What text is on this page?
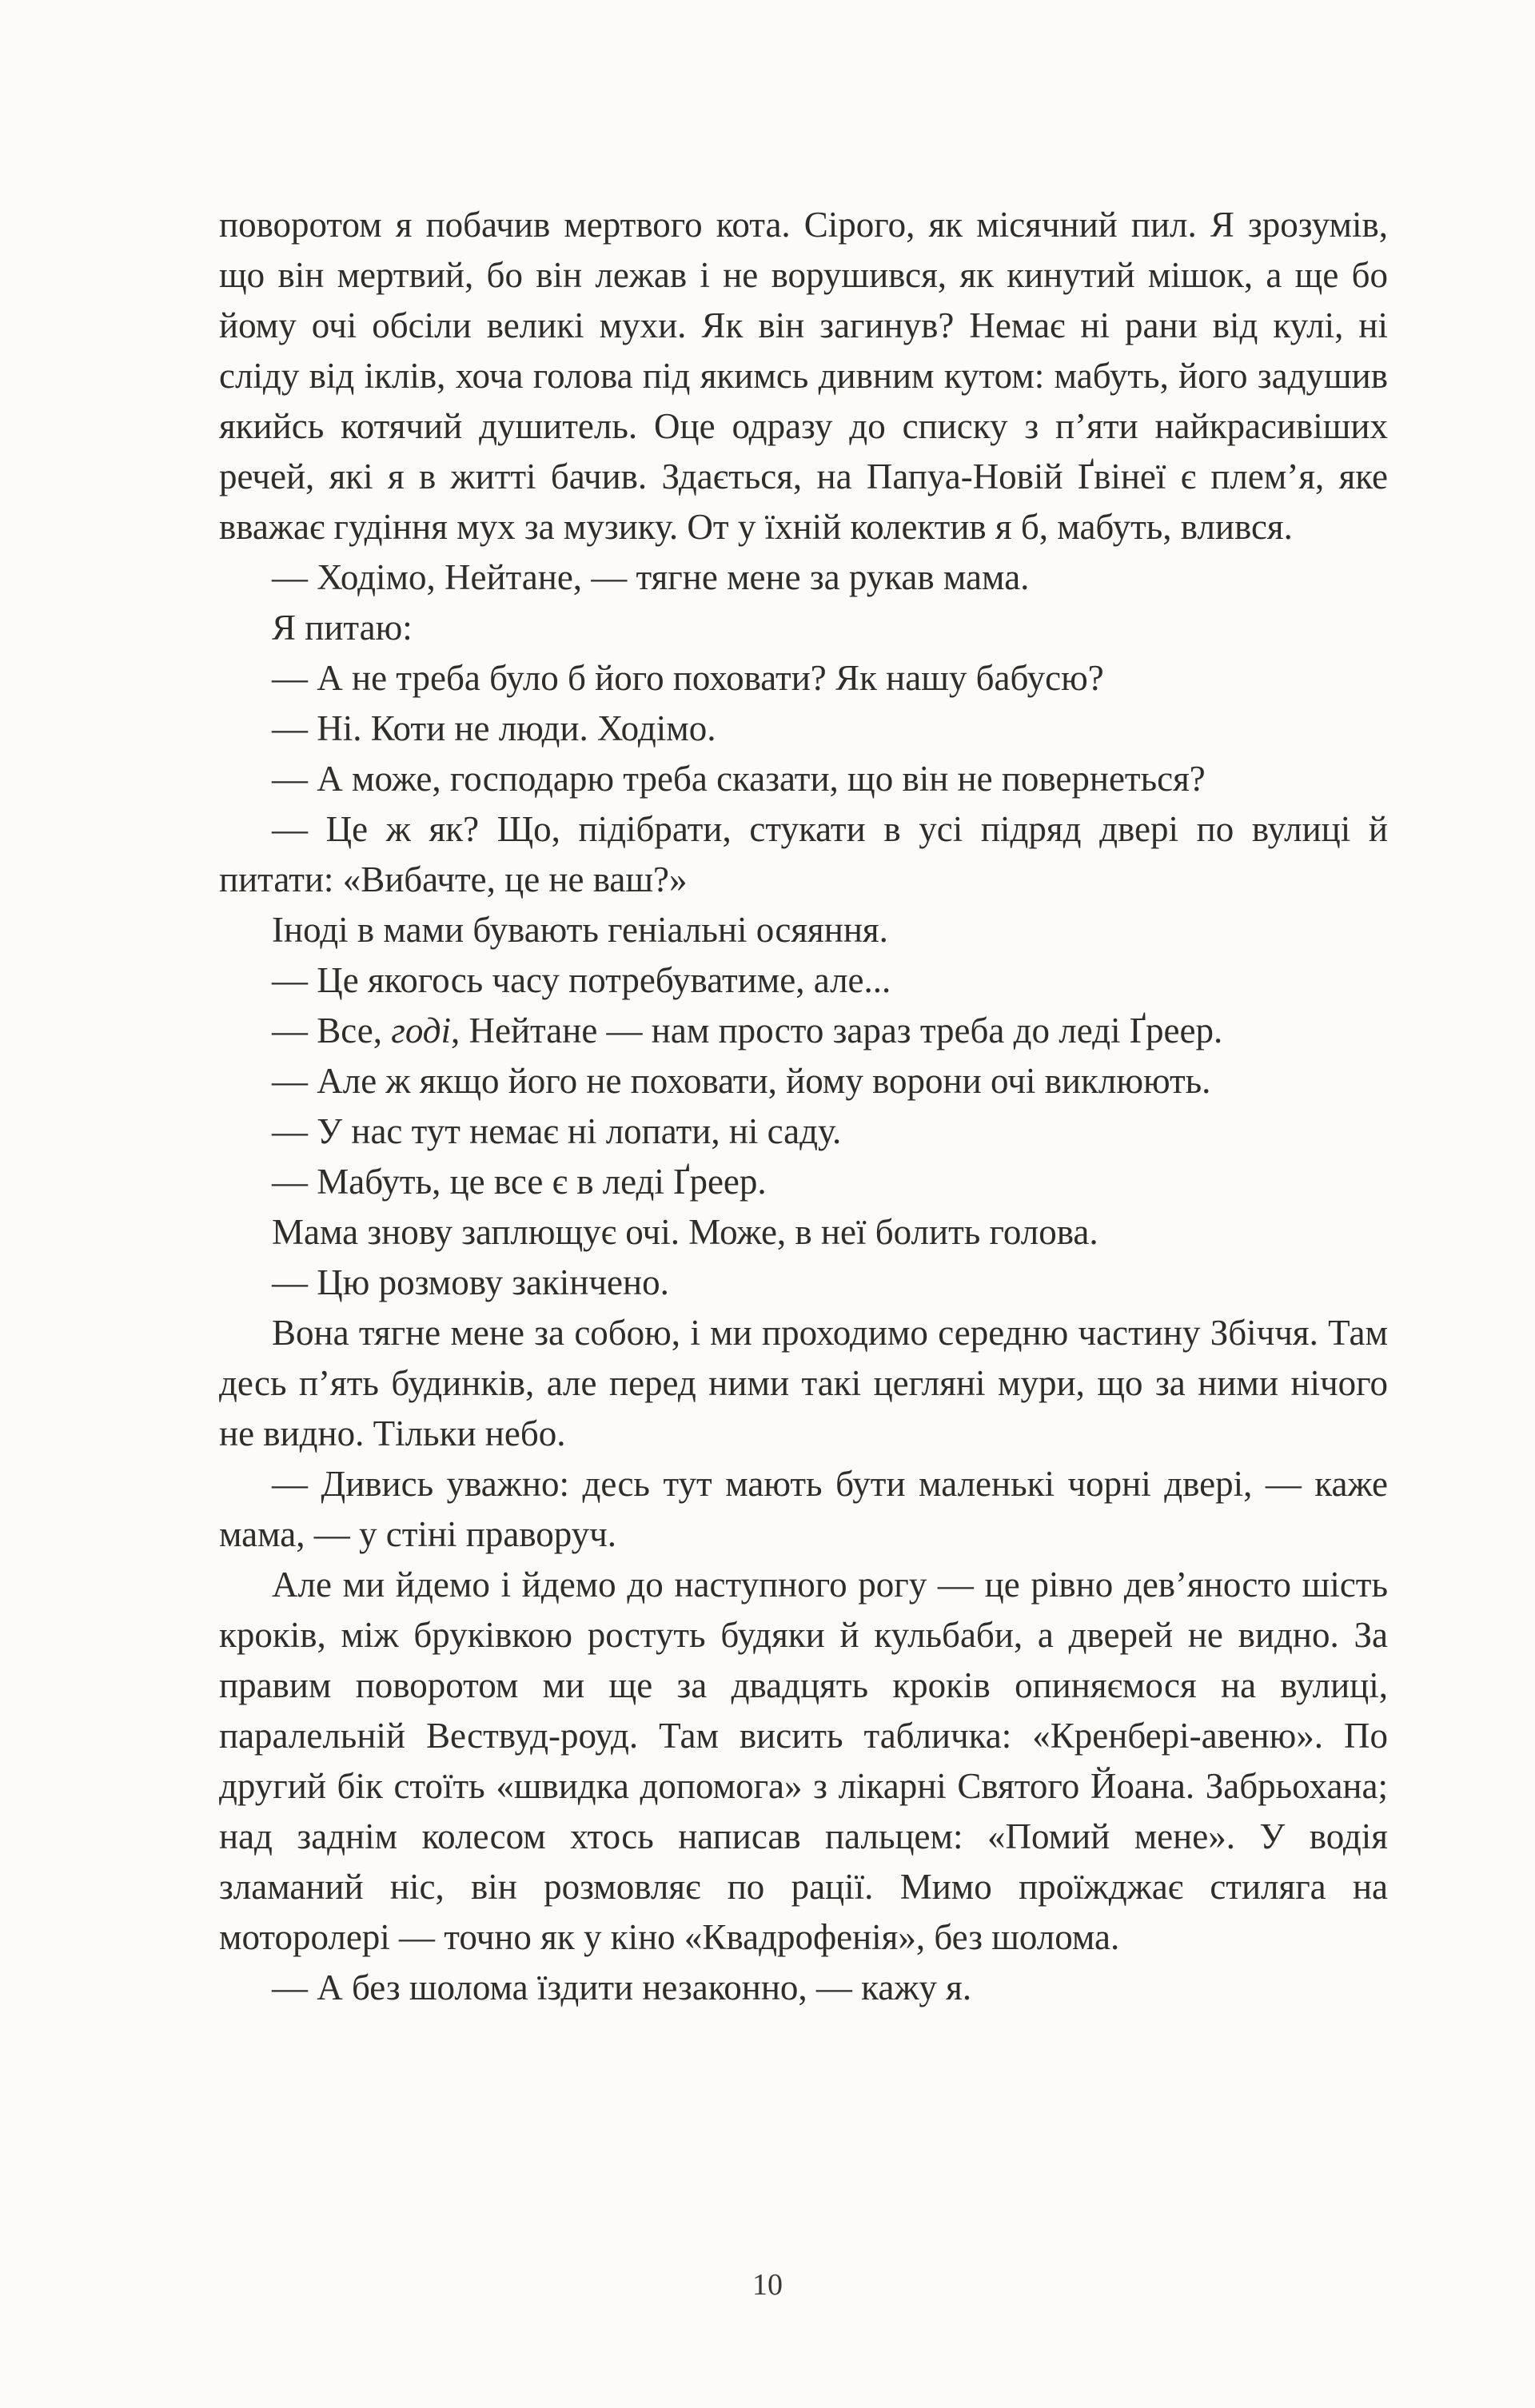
поворотом я побачив мертвого кота. Сірого, як місячний пил. Я зрозумів, що він мертвий, бо він лежав і не ворушився, як кинутий мішок, а ще бо йому очі обсіли великі мухи. Як він загинув? Немає ні рани від кулі, ні сліду від іклів, хоча голова під якимсь дивним кутом: мабуть, його задушив якийсь котячий душитель. Оце одразу до списку з п’яти найкрасивіших речей, які я в житті бачив. Здається, на Папуа-Новій Ґвінеї є плем’я, яке вважає гудіння мух за музику. От у їхній колектив я б, мабуть, влився.

— Ходімо, Нейтане, — тягне мене за рукав мама.

Я питаю:

— А не треба було б його поховати? Як нашу бабусю?

— Ні. Коти не люди. Ходімо.

— А може, господарю треба сказати, що він не повернеться?

— Це ж як? Що, підібрати, стукати в усі підряд двері по вулиці й питати: «Вибачте, це не ваш?»

Іноді в мами бувають геніальні осяяння.

— Це якогось часу потребуватиме, але...

— Все, годі, Нейтане — нам просто зараз треба до леді Ґреер.

— Але ж якщо його не поховати, йому ворони очі виклюють.

— У нас тут немає ні лопати, ні саду.

— Мабуть, це все є в леді Ґреер.

Мама знову заплющує очі. Може, в неї болить голова.

— Цю розмову закінчено.

Вона тягне мене за собою, і ми проходимо середню частину Збіччя. Там десь п’ять будинків, але перед ними такі цегляні мури, що за ними нічого не видно. Тільки небо.

— Дивись уважно: десь тут мають бути маленькі чорні двері, — каже мама, — у стіні праворуч.

Але ми йдемо і йдемо до наступного рогу — це рівно дев’яносто шість кроків, між бруківкою ростуть будяки й кульбаби, а дверей не видно. За правим поворотом ми ще за двадцять кроків опиняємося на вулиці, паралельній Вествуд-роуд. Там висить табличка: «Кренбері-авеню». По другий бік стоїть «швидка допомога» з лікарні Святого Йоана. Забрьохана; над заднім колесом хтось написав пальцем: «Помий мене». У водія зламаний ніс, він розмовляє по рації. Мимо проїжджає стиляга на моторолері — точно як у кіно «Квадрофенія», без шолома.

— А без шолома їздити незаконно, — кажу я.

10
